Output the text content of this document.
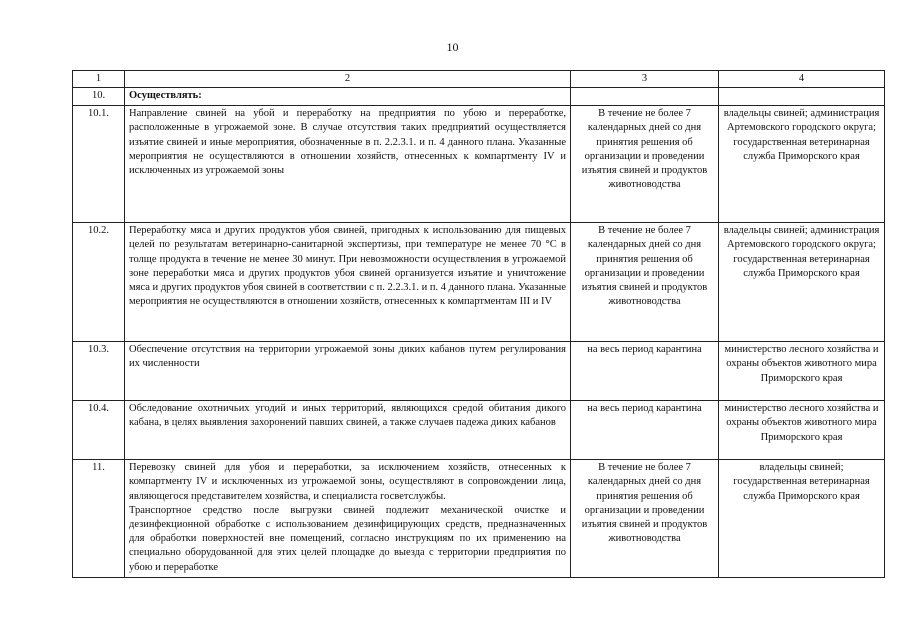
10
1	2	3	4
10.	Осуществлять:		
10.1.	Направление свиней на убой и переработку на предприятия по убою и переработке, расположенные в угрожаемой зоне. В случае отсутствия таких предприятий осуществляется изъятие свиней и иные мероприятия, обозначенные в п. 2.2.3.1. и п. 4 данного плана. Указанные мероприятия не осуществляются в отношении хозяйств, отнесенных к компартменту IV и исключенных из угрожаемой зоны	В течение не более 7 календарных дней со дня принятия решения об организации и проведении изъятия свиней и продуктов животноводства	владельцы свиней; администрация Артемовского городского округа; государственная ветеринарная служба Приморского края
10.2.	Переработку мяса и других продуктов убоя свиней, пригодных к использованию для пищевых целей по результатам ветеринарно-санитарной экспертизы, при температуре не менее 70 °С в толще продукта в течение не менее 30 минут. При невозможности осуществления в угрожаемой зоне переработки мяса и других продуктов убоя свиней организуется изъятие и уничтожение мяса и других продуктов убоя свиней в соответствии с п. 2.2.3.1. и п. 4 данного плана. Указанные мероприятия не осуществляются в отношении хозяйств, отнесенных к компартментам III и IV	В течение не более 7 календарных дней со дня принятия решения об организации и проведении изъятия свиней и продуктов животноводства	владельцы свиней; администрация Артемовского городского округа; государственная ветеринарная служба Приморского края
10.3.	Обеспечение отсутствия на территории угрожаемой зоны диких кабанов путем регулирования их численности	на весь период карантина	министерство лесного хозяйства и охраны объектов животного мира Приморского края
10.4.	Обследование охотничьих угодий и иных территорий, являющихся средой обитания дикого кабана, в целях выявления захоронений павших свиней, а также случаев падежа диких кабанов	на весь период карантина	министерство лесного хозяйства и охраны объектов животного мира Приморского края
11.	Перевозку свиней для убоя и переработки, за исключением хозяйств, отнесенных к компартменту IV и исключенных из угрожаемой зоны, осуществляют в сопровождении лица, являющегося представителем хозяйства, и специалиста госветслужбы.
Транспортное средство после выгрузки свиней подлежит механической очистке и дезинфекционной обработке с использованием дезинфицирующих средств, предназначенных для обработки поверхностей вне помещений, согласно инструкциям по их применению на специально оборудованной для этих целей площадке до выезда с территории предприятия по убою и переработке	В течение не более 7 календарных дней со дня принятия решения об организации и проведении изъятия свиней и продуктов животноводства	владельцы свиней; государственная ветеринарная служба Приморского края
